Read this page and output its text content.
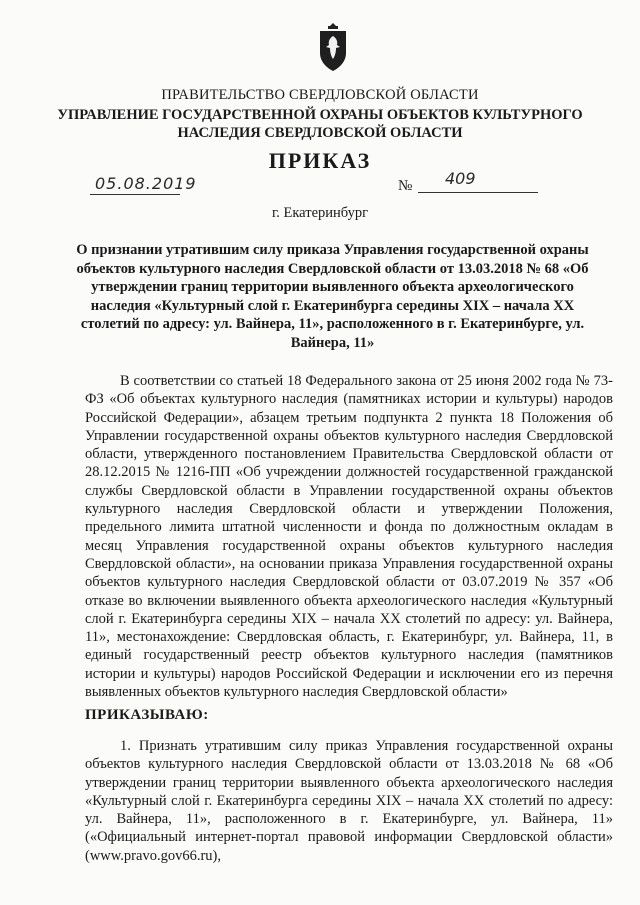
ПРАВИТЕЛЬСТВО СВЕРДЛОВСКОЙ ОБЛАСТИ
УПРАВЛЕНИЕ ГОСУДАРСТВЕННОЙ ОХРАНЫ ОБЪЕКТОВ КУЛЬТУРНОГО
НАСЛЕДИЯ СВЕРДЛОВСКОЙ ОБЛАСТИ
ПРИКАЗ
05.08.2019	№ 409
г. Екатеринбург
О признании утратившим силу приказа Управления государственной охраны объектов культурного наследия Свердловской области от 13.03.2018 № 68 «Об утверждении границ территории выявленного объекта археологического наследия «Культурный слой г. Екатеринбурга середины XIX – начала XX столетий по адресу: ул. Вайнера, 11», расположенного в г. Екатеринбурге, ул. Вайнера, 11»
В соответствии со статьей 18 Федерального закона от 25 июня 2002 года № 73-ФЗ «Об объектах культурного наследия (памятниках истории и культуры) народов Российской Федерации», абзацем третьим подпункта 2 пункта 18 Положения об Управлении государственной охраны объектов культурного наследия Свердловской области, утвержденного постановлением Правительства Свердловской области от 28.12.2015 № 1216-ПП «Об учреждении должностей государственной гражданской службы Свердловской области в Управлении государственной охраны объектов культурного наследия Свердловской области и утверждении Положения, предельного лимита штатной численности и фонда по должностным окладам в месяц Управления государственной охраны объектов культурного наследия Свердловской области», на основании приказа Управления государственной охраны объектов культурного наследия Свердловской области от 03.07.2019 № 357 «Об отказе во включении выявленного объекта археологического наследия «Культурный слой г. Екатеринбурга середины XIX – начала XX столетий по адресу: ул. Вайнера, 11», местонахождение: Свердловская область, г. Екатеринбург, ул. Вайнера, 11, в единый государственный реестр объектов культурного наследия (памятников истории и культуры) народов Российской Федерации и исключении его из перечня выявленных объектов культурного наследия Свердловской области»
ПРИКАЗЫВАЮ:
1. Признать утратившим силу приказ Управления государственной охраны объектов культурного наследия Свердловской области от 13.03.2018 № 68 «Об утверждении границ территории выявленного объекта археологического наследия «Культурный слой г. Екатеринбурга середины XIX – начала XX столетий по адресу: ул. Вайнера, 11», расположенного в г. Екатеринбурге, ул. Вайнера, 11» («Официальный интернет-портал правовой информации Свердловской области» (www.pravo.gov66.ru),
